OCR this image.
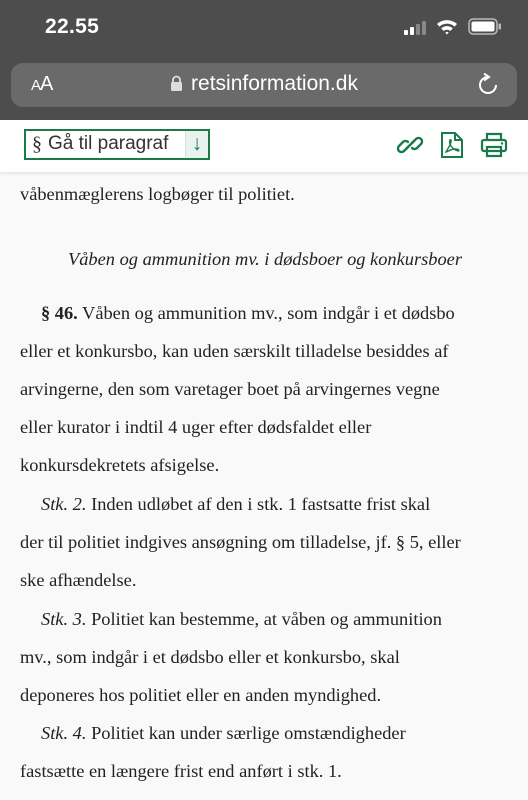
22.55
AA	retsinformation.dk
§ Gå til paragraf	↓

våbenmæglerens logbøger til politiet.

Våben og ammunition mv. i dødsboer og konkursboer

§ 46. Våben og ammunition mv., som indgår i et dødsbo

eller et konkursbo, kan uden særskilt tilladelse besiddes af

arvingerne, den som varetager boet på arvingernes vegne

eller kurator i indtil 4 uger efter dødsfaldet eller

konkursdekretets afsigelse.

Stk. 2. Inden udløbet af den i stk. 1 fastsatte frist skal

der til politiet indgives ansøgning om tilladelse, jf. § 5, eller

ske afhændelse.

Stk. 3. Politiet kan bestemme, at våben og ammunition

mv., som indgår i et dødsbo eller et konkursbo, skal

deponeres hos politiet eller en anden myndighed.

Stk. 4. Politiet kan under særlige omstændigheder

fastsætte en længere frist end anført i stk. 1.
